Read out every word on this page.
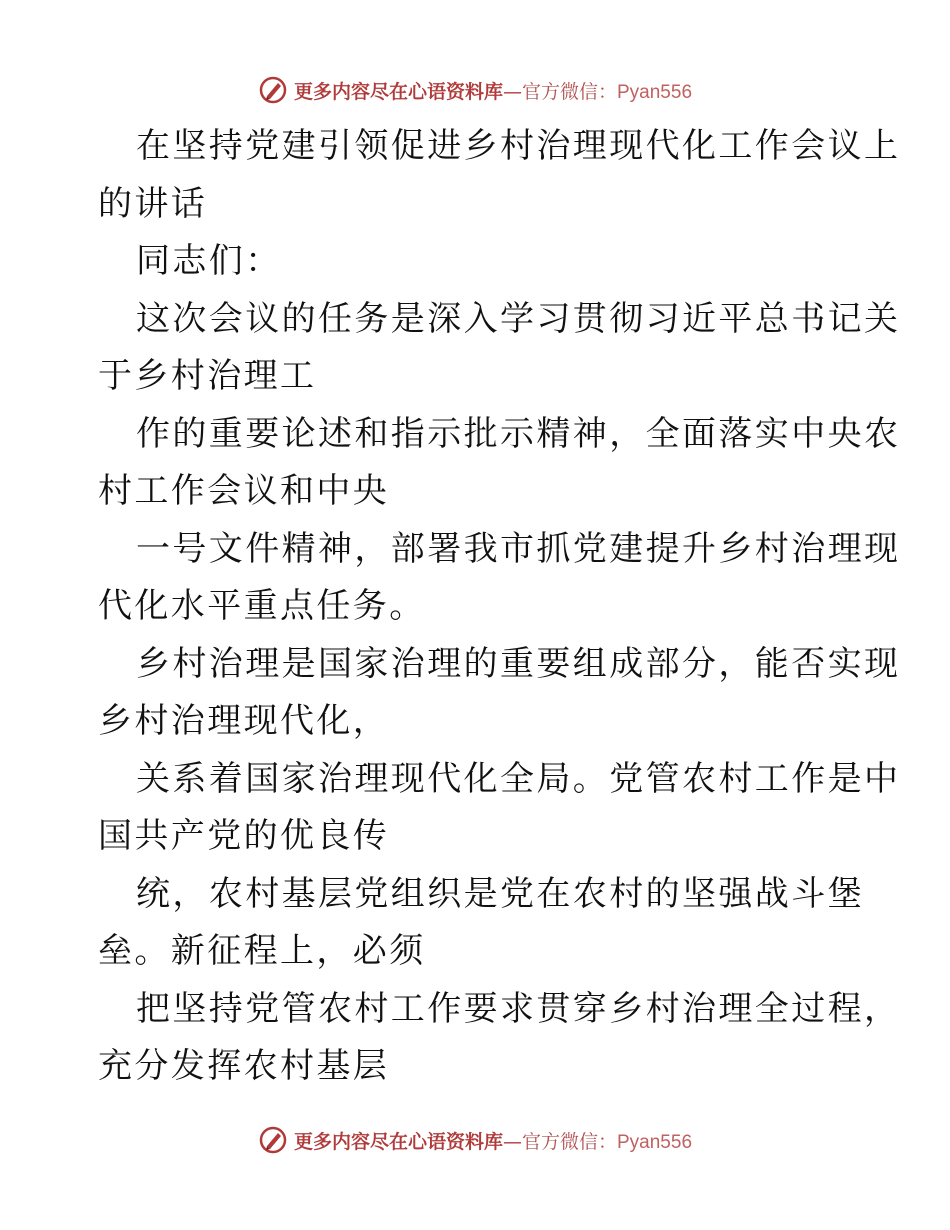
更多内容尽在心语资料库—官方微信：Pyan556
在坚持党建引领促进乡村治理现代化工作会议上
的讲话
同志们：
这次会议的任务是深入学习贯彻习近平总书记关
于乡村治理工
作的重要论述和指示批示精神，全面落实中央农
村工作会议和中央
一号文件精神，部署我市抓党建提升乡村治理现
代化水平重点任务。
乡村治理是国家治理的重要组成部分，能否实现
乡村治理现代化，
关系着国家治理现代化全局。党管农村工作是中
国共产党的优良传
统，农村基层党组织是党在农村的坚强战斗堡
垒。新征程上，必须
把坚持党管农村工作要求贯穿乡村治理全过程，
充分发挥农村基层
更多内容尽在心语资料库—官方微信：Pyan556
